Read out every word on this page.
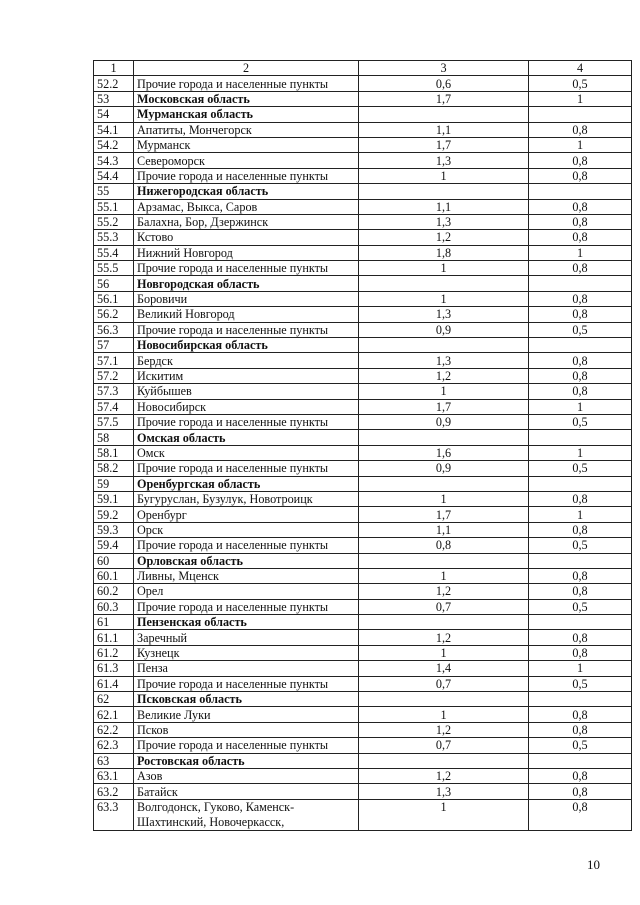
1	2	3	4
52.2	Прочие города и населенные пункты	0,6	0,5
53	Московская область	1,7	1
54	Мурманская область		
54.1	Апатиты, Мончегорск	1,1	0,8
54.2	Мурманск	1,7	1
54.3	Североморск	1,3	0,8
54.4	Прочие города и населенные пункты	1	0,8
55	Нижегородская область		
55.1	Арзамас, Выкса, Саров	1,1	0,8
55.2	Балахна, Бор, Дзержинск	1,3	0,8
55.3	Кстово	1,2	0,8
55.4	Нижний Новгород	1,8	1
55.5	Прочие города и населенные пункты	1	0,8
56	Новгородская область		
56.1	Боровичи	1	0,8
56.2	Великий Новгород	1,3	0,8
56.3	Прочие города и населенные пункты	0,9	0,5
57	Новосибирская область		
57.1	Бердск	1,3	0,8
57.2	Искитим	1,2	0,8
57.3	Куйбышев	1	0,8
57.4	Новосибирск	1,7	1
57.5	Прочие города и населенные пункты	0,9	0,5
58	Омская область		
58.1	Омск	1,6	1
58.2	Прочие города и населенные пункты	0,9	0,5
59	Оренбургская область		
59.1	Бугуруслан, Бузулук, Новотроицк	1	0,8
59.2	Оренбург	1,7	1
59.3	Орск	1,1	0,8
59.4	Прочие города и населенные пункты	0,8	0,5
60	Орловская область		
60.1	Ливны, Мценск	1	0,8
60.2	Орел	1,2	0,8
60.3	Прочие города и населенные пункты	0,7	0,5
61	Пензенская область		
61.1	Заречный	1,2	0,8
61.2	Кузнецк	1	0,8
61.3	Пенза	1,4	1
61.4	Прочие города и населенные пункты	0,7	0,5
62	Псковская область		
62.1	Великие Луки	1	0,8
62.2	Псков	1,2	0,8
62.3	Прочие города и населенные пункты	0,7	0,5
63	Ростовская область		
63.1	Азов	1,2	0,8
63.2	Батайск	1,3	0,8
63.3	Волгодонск, Гуково, Каменск-Шахтинский, Новочеркасск,	1	0,8
10
